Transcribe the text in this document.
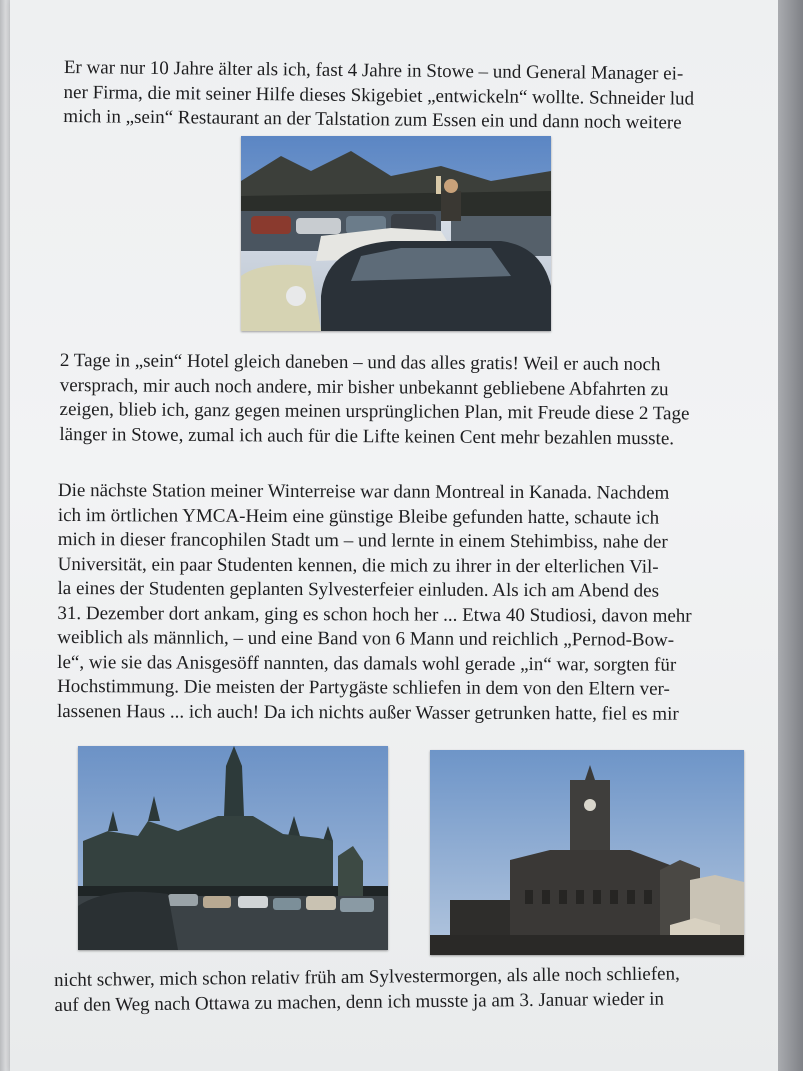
Er war nur 10 Jahre älter als ich, fast 4 Jahre in Stowe – und General Manager ei-
ner Firma, die mit seiner Hilfe dieses Skigebiet „entwickeln“ wollte. Schneider lud
mich in „sein“ Restaurant an der Talstation zum Essen ein und dann noch weitere
2 Tage in „sein“ Hotel gleich daneben – und das alles gratis! Weil er auch noch
versprach, mir auch noch andere, mir bisher unbekannt gebliebene Abfahrten zu
zeigen, blieb ich, ganz gegen meinen ursprünglichen Plan, mit Freude diese 2 Tage
länger in Stowe, zumal ich auch für die Lifte keinen Cent mehr bezahlen musste.
Die nächste Station meiner Winterreise war dann Montreal in Kanada. Nachdem
ich im örtlichen YMCA-Heim eine günstige Bleibe gefunden hatte, schaute ich
mich in dieser francophilen Stadt um – und lernte in einem Stehimbiss, nahe der
Universität, ein paar Studenten kennen, die mich zu ihrer in der elterlichen Vil-
la eines der Studenten geplanten Sylvesterfeier einluden. Als ich am Abend des
31. Dezember dort ankam, ging es schon hoch her ... Etwa 40 Studiosi, davon mehr
weiblich als männlich, – und eine Band von 6 Mann und reichlich „Pernod-Bow-
le“, wie sie das Anisgesöff nannten, das damals wohl gerade „in“ war, sorgten für
Hochstimmung. Die meisten der Partygäste schliefen in dem von den Eltern ver-
lassenen Haus ... ich auch! Da ich nichts außer Wasser getrunken hatte, fiel es mir
nicht schwer, mich schon relativ früh am Sylvestermorgen, als alle noch schliefen,
auf den Weg nach Ottawa zu machen, denn ich musste ja am 3. Januar wieder in
